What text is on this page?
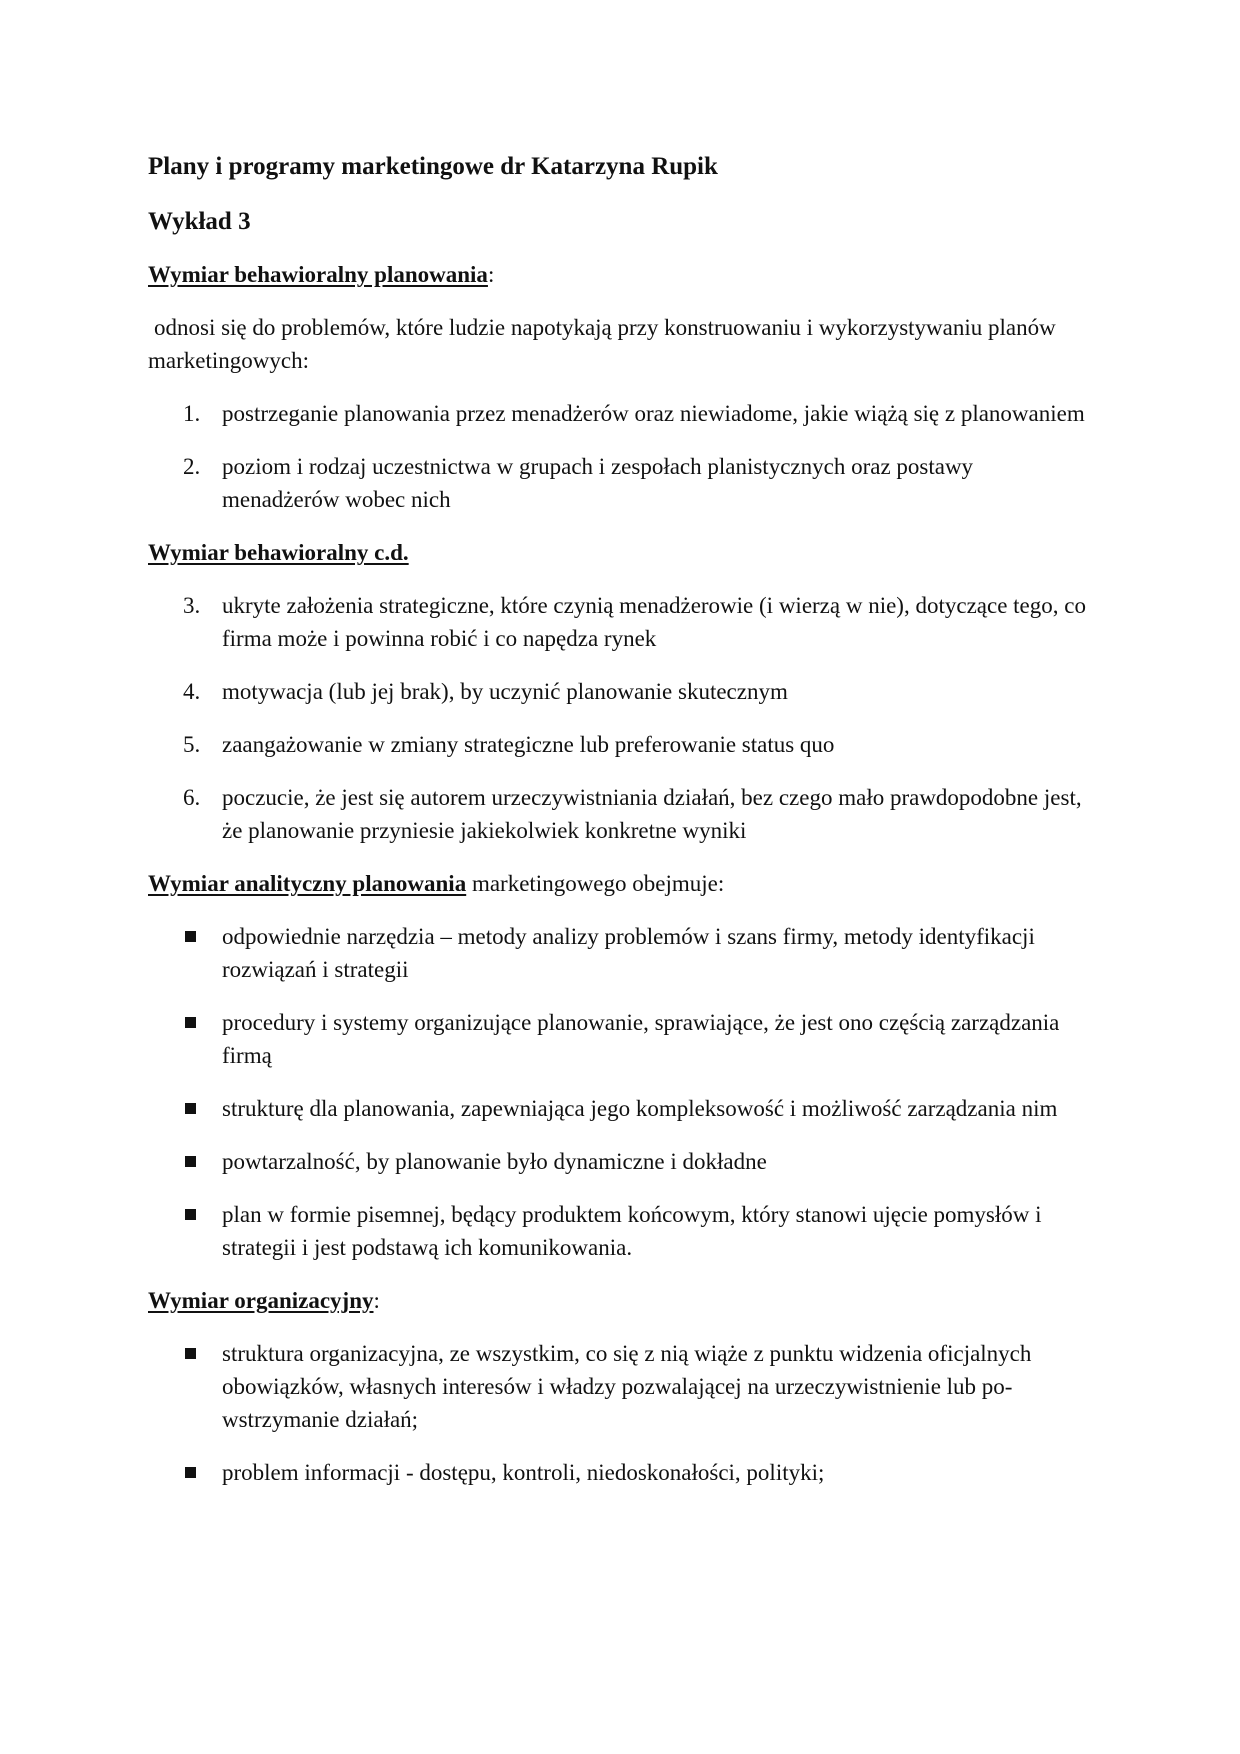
Plany i programy marketingowe dr Katarzyna Rupik
Wykład 3
Wymiar behawioralny planowania:
odnosi się do problemów, które ludzie napotykają przy konstruowaniu i wykorzystywaniu planów marketingowych:
1. postrzeganie planowania przez menadżerów oraz niewiadome, jakie wiążą się z planowaniem
2. poziom i rodzaj uczestnictwa w grupach i zespołach planistycznych oraz postawy menadżerów wobec nich
Wymiar behawioralny c.d.
3. ukryte założenia strategiczne, które czynią menadżerowie (i wierzą w nie), dotyczące tego, co firma może i powinna robić i co napędza rynek
4. motywacja (lub jej brak), by uczynić planowanie skutecznym
5. zaangażowanie w zmiany strategiczne lub preferowanie status quo
6. poczucie, że jest się autorem urzeczywistniania działań, bez czego mało prawdopodobne jest, że planowanie przyniesie jakiekolwiek konkretne wyniki
Wymiar analityczny planowania marketingowego obejmuje:
odpowiednie narzędzia – metody analizy problemów i szans firmy, metody identyfikacji rozwiązań i strategii
procedury i systemy organizujące planowanie, sprawiające, że jest ono częścią zarządzania firmą
strukturę dla planowania, zapewniająca jego kompleksowość i możliwość zarządzania nim
powtarzalność, by planowanie było dynamiczne i dokładne
plan w formie pisemnej, będący produktem końcowym, który stanowi ujęcie pomysłów i strategii i jest podstawą ich komunikowania.
Wymiar organizacyjny:
struktura organizacyjna, ze wszystkim, co się z nią wiąże z punktu widzenia oficjalnych obowiązków, własnych interesów i władzy pozwalającej na urzeczywistnienie lub po- wstrzymanie działań;
problem informacji - dostępu, kontroli, niedoskonałości, polityki;
